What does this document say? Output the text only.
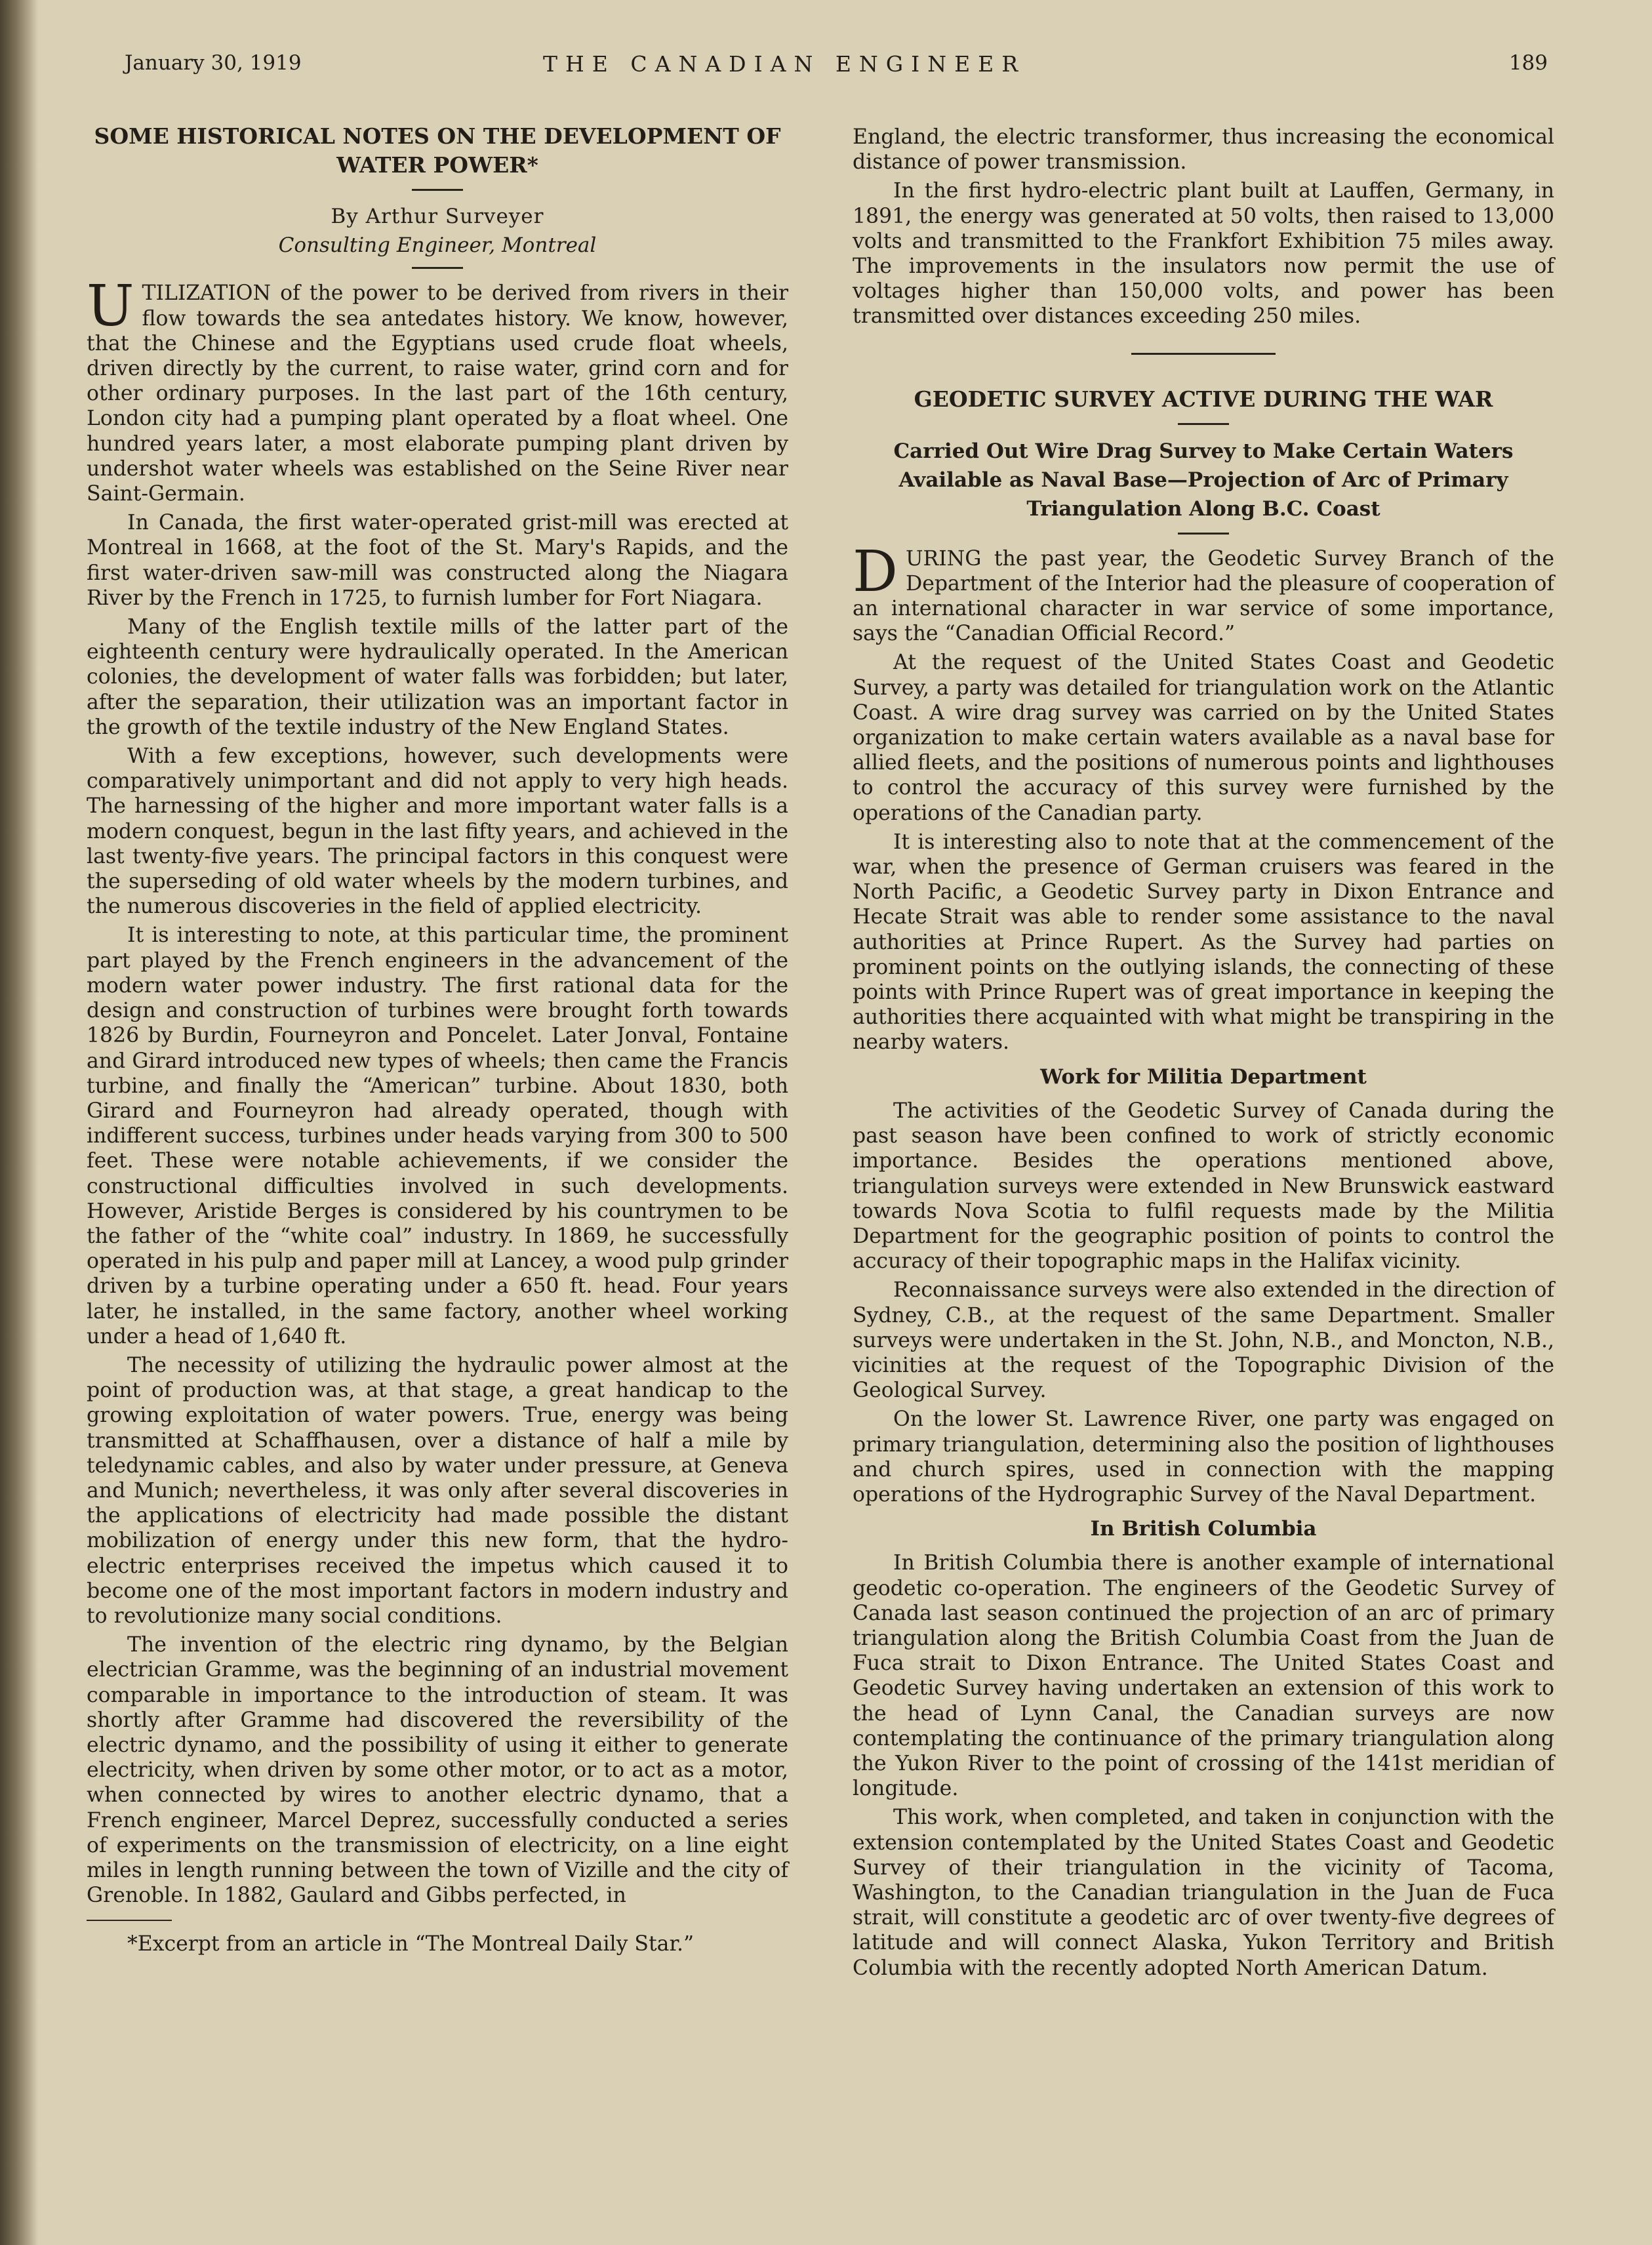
January 30, 1919	THE CANADIAN ENGINEER	189
SOME HISTORICAL NOTES ON THE DEVELOPMENT OF WATER POWER*
By Arthur Surveyer
Consulting Engineer, Montreal

UTILIZATION of the power to be derived from rivers in their flow towards the sea antedates history. We know, however, that the Chinese and the Egyptians used crude float wheels, driven directly by the current, to raise water, grind corn and for other ordinary purposes. In the last part of the 16th century, London city had a pumping plant operated by a float wheel. One hundred years later, a most elaborate pumping plant driven by undershot water wheels was established on the Seine River near Saint-Germain.

In Canada, the first water-operated grist-mill was erected at Montreal in 1668, at the foot of the St. Mary's Rapids, and the first water-driven saw-mill was constructed along the Niagara River by the French in 1725, to furnish lumber for Fort Niagara.

Many of the English textile mills of the latter part of the eighteenth century were hydraulically operated. In the American colonies, the development of water falls was forbidden; but later, after the separation, their utilization was an important factor in the growth of the textile industry of the New England States.

With a few exceptions, however, such developments were comparatively unimportant and did not apply to very high heads. The harnessing of the higher and more important water falls is a modern conquest, begun in the last fifty years, and achieved in the last twenty-five years. The principal factors in this conquest were the superseding of old water wheels by the modern turbines, and the numerous discoveries in the field of applied electricity.

It is interesting to note, at this particular time, the prominent part played by the French engineers in the advancement of the modern water power industry. The first rational data for the design and construction of turbines were brought forth towards 1826 by Burdin, Fourneyron and Poncelet. Later Jonval, Fontaine and Girard introduced new types of wheels; then came the Francis turbine, and finally the “American” turbine. About 1830, both Girard and Fourneyron had already operated, though with indifferent success, turbines under heads varying from 300 to 500 feet. These were notable achievements, if we consider the constructional difficulties involved in such developments. However, Aristide Berges is considered by his countrymen to be the father of the “white coal” industry. In 1869, he successfully operated in his pulp and paper mill at Lancey, a wood pulp grinder driven by a turbine operating under a 650 ft. head. Four years later, he installed, in the same factory, another wheel working under a head of 1,640 ft.

The necessity of utilizing the hydraulic power almost at the point of production was, at that stage, a great handicap to the growing exploitation of water powers. True, energy was being transmitted at Schaffhausen, over a distance of half a mile by teledynamic cables, and also by water under pressure, at Geneva and Munich; nevertheless, it was only after several discoveries in the applications of electricity had made possible the distant mobilization of energy under this new form, that the hydro-electric enterprises received the impetus which caused it to become one of the most important factors in modern industry and to revolutionize many social conditions.

The invention of the electric ring dynamo, by the Belgian electrician Gramme, was the beginning of an industrial movement comparable in importance to the introduction of steam. It was shortly after Gramme had discovered the reversibility of the electric dynamo, and the possibility of using it either to generate electricity, when driven by some other motor, or to act as a motor, when connected by wires to another electric dynamo, that a French engineer, Marcel Deprez, successfully conducted a series of experiments on the transmission of electricity, on a line eight miles in length running between the town of Vizille and the city of Grenoble. In 1882, Gaulard and Gibbs perfected, in

*Excerpt from an article in “The Montreal Daily Star.”

England, the electric transformer, thus increasing the economical distance of power transmission.

In the first hydro-electric plant built at Lauffen, Germany, in 1891, the energy was generated at 50 volts, then raised to 13,000 volts and transmitted to the Frankfort Exhibition 75 miles away. The improvements in the insulators now permit the use of voltages higher than 150,000 volts, and power has been transmitted over distances exceeding 250 miles.

GEODETIC SURVEY ACTIVE DURING THE WAR
Carried Out Wire Drag Survey to Make Certain Waters Available as Naval Base—Projection of Arc of Primary Triangulation Along B.C. Coast

DURING the past year, the Geodetic Survey Branch of the Department of the Interior had the pleasure of cooperation of an international character in war service of some importance, says the “Canadian Official Record.”

At the request of the United States Coast and Geodetic Survey, a party was detailed for triangulation work on the Atlantic Coast. A wire drag survey was carried on by the United States organization to make certain waters available as a naval base for allied fleets, and the positions of numerous points and lighthouses to control the accuracy of this survey were furnished by the operations of the Canadian party.

It is interesting also to note that at the commencement of the war, when the presence of German cruisers was feared in the North Pacific, a Geodetic Survey party in Dixon Entrance and Hecate Strait was able to render some assistance to the naval authorities at Prince Rupert. As the Survey had parties on prominent points on the outlying islands, the connecting of these points with Prince Rupert was of great importance in keeping the authorities there acquainted with what might be transpiring in the nearby waters.

Work for Militia Department

The activities of the Geodetic Survey of Canada during the past season have been confined to work of strictly economic importance. Besides the operations mentioned above, triangulation surveys were extended in New Brunswick eastward towards Nova Scotia to fulfil requests made by the Militia Department for the geographic position of points to control the accuracy of their topographic maps in the Halifax vicinity.

Reconnaissance surveys were also extended in the direction of Sydney, C.B., at the request of the same Department. Smaller surveys were undertaken in the St. John, N.B., and Moncton, N.B., vicinities at the request of the Topographic Division of the Geological Survey.

On the lower St. Lawrence River, one party was engaged on primary triangulation, determining also the position of lighthouses and church spires, used in connection with the mapping operations of the Hydrographic Survey of the Naval Department.

In British Columbia

In British Columbia there is another example of international geodetic co-operation. The engineers of the Geodetic Survey of Canada last season continued the projection of an arc of primary triangulation along the British Columbia Coast from the Juan de Fuca strait to Dixon Entrance. The United States Coast and Geodetic Survey having undertaken an extension of this work to the head of Lynn Canal, the Canadian surveys are now contemplating the continuance of the primary triangulation along the Yukon River to the point of crossing of the 141st meridian of longitude.

This work, when completed, and taken in conjunction with the extension contemplated by the United States Coast and Geodetic Survey of their triangulation in the vicinity of Tacoma, Washington, to the Canadian triangulation in the Juan de Fuca strait, will constitute a geodetic arc of over twenty-five degrees of latitude and will connect Alaska, Yukon Territory and British Columbia with the recently adopted North American Datum.
